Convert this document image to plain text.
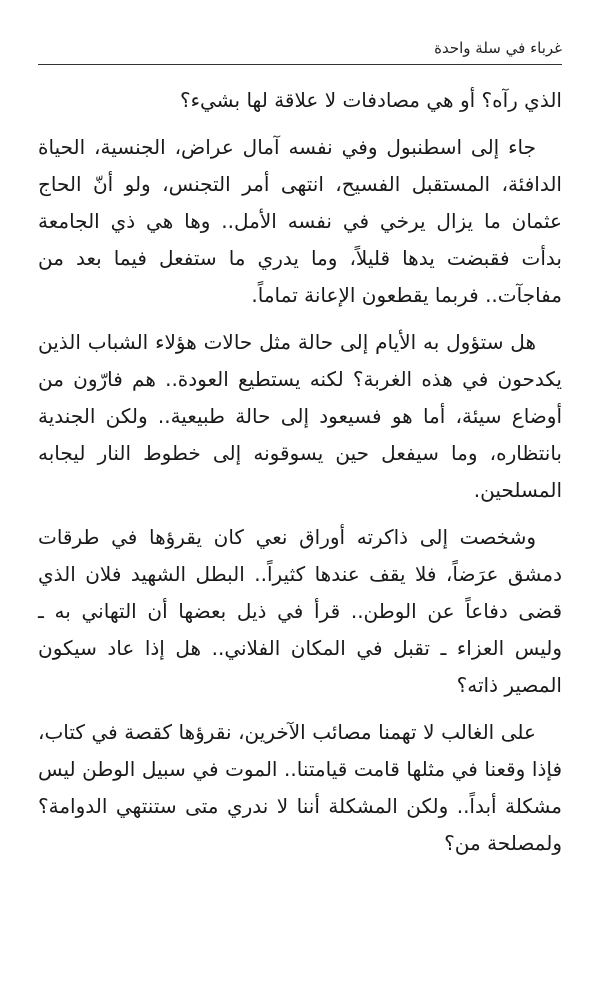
غرباء في سلة واحدة

الذي رآه؟ أو هي مصادفات لا علاقة لها بشيء؟

جاء إلى اسطنبول وفي نفسه آمال عراض، الجنسية، الحياة الدافئة، المستقبل الفسيح، انتهى أمر التجنس، ولو أنّ الحاج عثمان ما يزال يرخي في نفسه الأمل.. وها هي ذي الجامعة بدأت فقبضت يدها قليلاً، وما يدري ما ستفعل فيما بعد من مفاجآت.. فربما يقطعون الإعانة تماماً.

هل ستؤول به الأيام إلى حالة مثل حالات هؤلاء الشباب الذين يكدحون في هذه الغربة؟ لكنه يستطيع العودة.. هم فارّون من أوضاع سيئة، أما هو فسيعود إلى حالة طبيعية.. ولكن الجندية بانتظاره، وما سيفعل حين يسوقونه إلى خطوط النار ليجابه المسلحين.

وشخصت إلى ذاكرته أوراق نعي كان يقرؤها في طرقات دمشق عرَضاً، فلا يقف عندها كثيراً.. البطل الشهيد فلان الذي قضى دفاعاً عن الوطن.. قرأ في ذيل بعضها أن التهاني به ـ وليس العزاء ـ تقبل في المكان الفلاني.. هل إذا عاد سيكون المصير ذاته؟

على الغالب لا تهمنا مصائب الآخرين، نقرؤها كقصة في كتاب، فإذا وقعنا في مثلها قامت قيامتنا.. الموت في سبيل الوطن ليس مشكلة أبداً.. ولكن المشكلة أننا لا ندري متى ستنتهي الدوامة؟ ولمصلحة من؟
